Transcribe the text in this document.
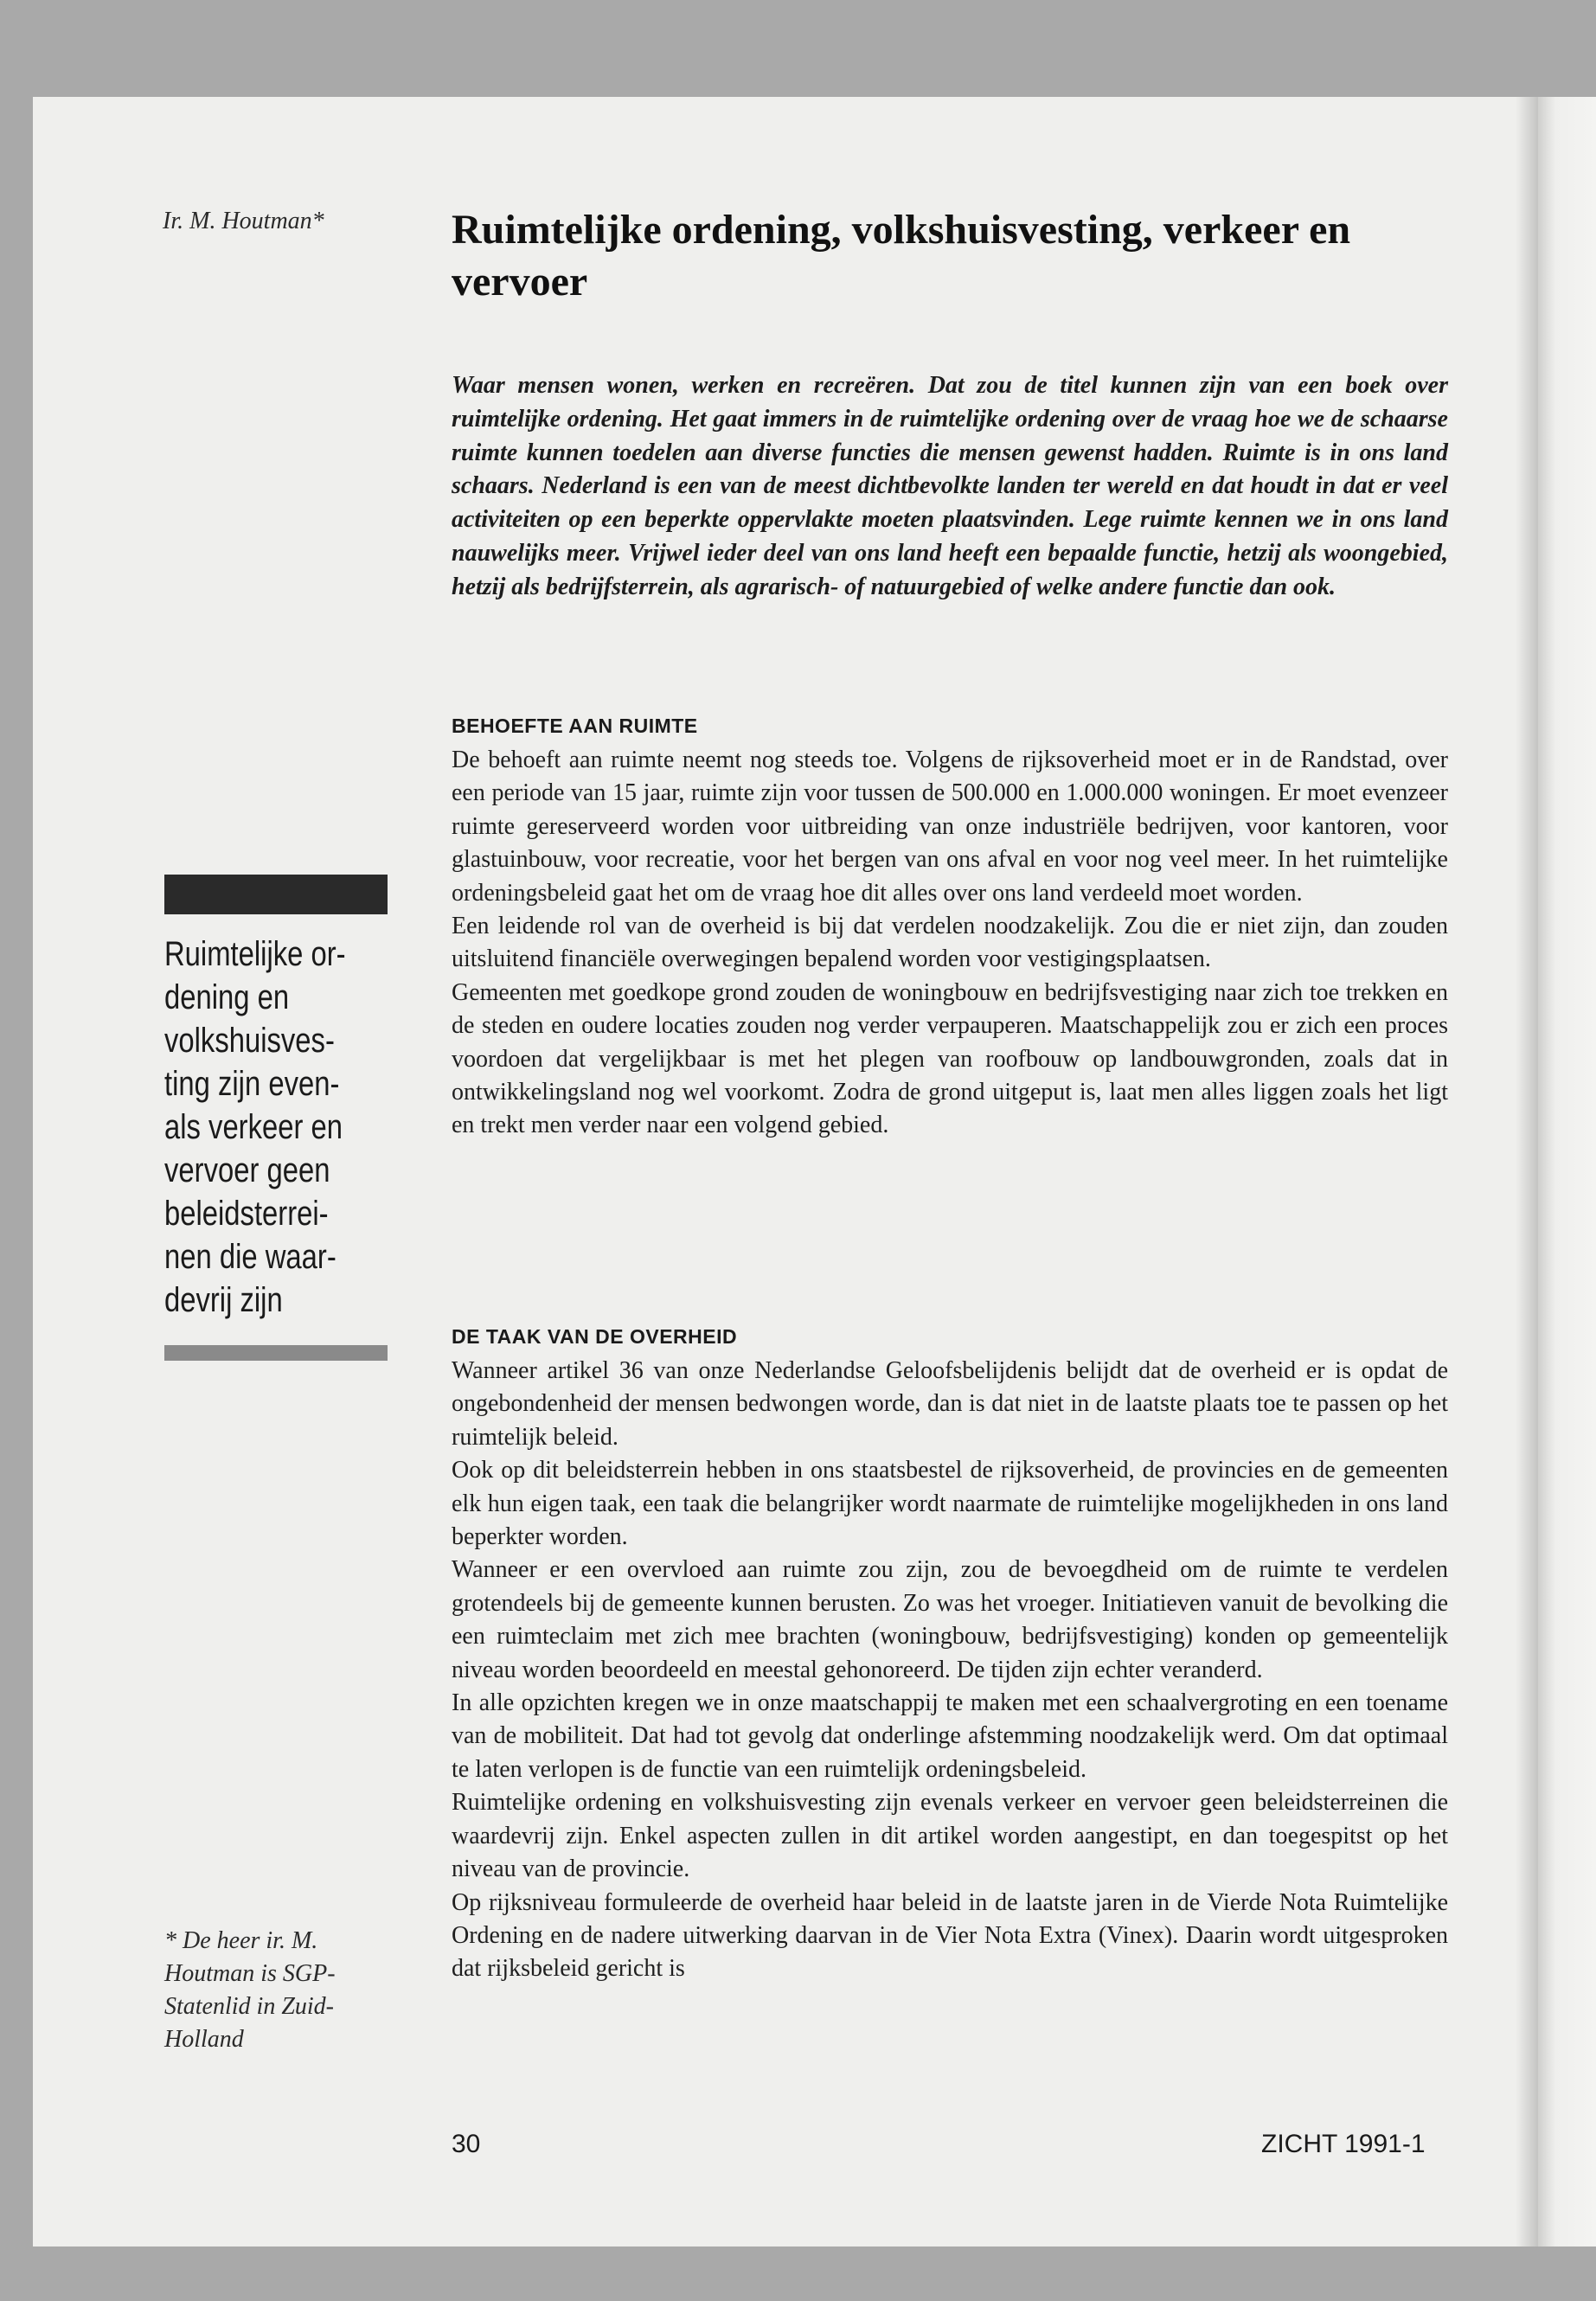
Ir. M. Houtman*	Ruimtelijke ordening, volkshuisvesting, verkeer en vervoer

Waar mensen wonen, werken en recreëren. Dat zou de titel kunnen zijn van een boek over ruimtelijke ordening. Het gaat immers in de ruimtelijke ordening over de vraag hoe we de schaarse ruimte kunnen toedelen aan diverse functies die mensen gewenst hadden. Ruimte is in ons land schaars. Nederland is een van de meest dichtbevolkte landen ter wereld en dat houdt in dat er veel activiteiten op een beperkte oppervlakte moeten plaatsvinden. Lege ruimte kennen we in ons land nauwelijks meer. Vrijwel ieder deel van ons land heeft een bepaalde functie, hetzij als woongebied, hetzij als bedrijfsterrein, als agrarisch- of natuurgebied of welke andere functie dan ook.

BEHOEFTE AAN RUIMTE

De behoeft aan ruimte neemt nog steeds toe. Volgens de rijksoverheid moet er in de Randstad, over een periode van 15 jaar, ruimte zijn voor tussen de 500.000 en 1.000.000 woningen. Er moet evenzeer ruimte gereserveerd worden voor uitbreiding van onze industriële bedrijven, voor kantoren, voor glastuinbouw, voor recreatie, voor het bergen van ons afval en voor nog veel meer. In het ruimtelijke ordeningsbeleid gaat het om de vraag hoe dit alles over ons land verdeeld moet worden.

Een leidende rol van de overheid is bij dat verdelen noodzakelijk. Zou die er niet zijn, dan zouden uitsluitend financiële overwegingen bepalend worden voor vestigingsplaatsen.

Gemeenten met goedkope grond zouden de woningbouw en bedrijfsvestiging naar zich toe trekken en de steden en oudere locaties zouden nog verder verpauperen. Maatschappelijk zou er zich een proces voordoen dat vergelijkbaar is met het plegen van roofbouw op landbouwgronden, zoals dat in ontwikkelingsland nog wel voorkomt. Zodra de grond uitgeput is, laat men alles liggen zoals het ligt en trekt men verder naar een volgend gebied.

DE TAAK VAN DE OVERHEID

Wanneer artikel 36 van onze Nederlandse Geloofsbelijdenis belijdt dat de overheid er is opdat de ongebondenheid der mensen bedwongen worde, dan is dat niet in de laatste plaats toe te passen op het ruimtelijk beleid.

Ook op dit beleidsterrein hebben in ons staatsbestel de rijksoverheid, de provincies en de gemeenten elk hun eigen taak, een taak die belangrijker wordt naarmate de ruimtelijke mogelijkheden in ons land beperkter worden.

Wanneer er een overvloed aan ruimte zou zijn, zou de bevoegdheid om de ruimte te verdelen grotendeels bij de gemeente kunnen berusten. Zo was het vroeger. Initiatieven vanuit de bevolking die een ruimteclaim met zich mee brachten (woningbouw, bedrijfsvestiging) konden op gemeentelijk niveau worden beoordeeld en meestal gehonoreerd. De tijden zijn echter veranderd.

In alle opzichten kregen we in onze maatschappij te maken met een schaalvergroting en een toename van de mobiliteit. Dat had tot gevolg dat onderlinge afstemming noodzakelijk werd. Om dat optimaal te laten verlopen is de functie van een ruimtelijk ordeningsbeleid.

Ruimtelijke ordening en volkshuisvesting zijn evenals verkeer en vervoer geen beleidsterreinen die waardevrij zijn. Enkel aspecten zullen in dit artikel worden aangestipt, en dan toegespitst op het niveau van de provincie.

Op rijksniveau formuleerde de overheid haar beleid in de laatste jaren in de Vierde Nota Ruimtelijke Ordening en de nadere uitwerking daarvan in de Vier Nota Extra (Vinex). Daarin wordt uitgesproken dat rijksbeleid gericht is

Ruimtelijke or-
dening en
volkshuisves-
ting zijn even-
als verkeer en
vervoer geen
beleidsterrei-
nen die waar-
devrij zijn

* De heer ir. M.
Houtman is SGP-
Statenlid in Zuid-
Holland

30	ZICHT 1991-1
